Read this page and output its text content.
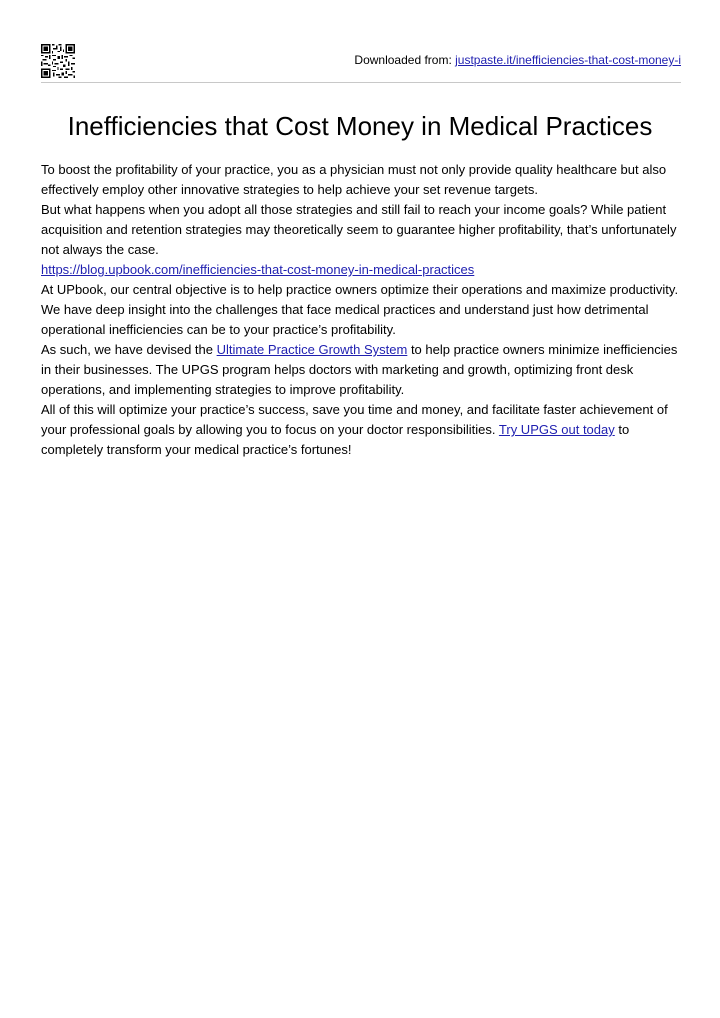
Downloaded from: justpaste.it/inefficiencies-that-cost-money-i
Inefficiencies that Cost Money in Medical Practices

To boost the profitability of your practice, you as a physician must not only provide quality healthcare but also effectively employ other innovative strategies to help achieve your set revenue targets.

But what happens when you adopt all those strategies and still fail to reach your income goals? While patient acquisition and retention strategies may theoretically seem to guarantee higher profitability, that’s unfortunately not always the case.

https://blog.upbook.com/inefficiencies-that-cost-money-in-medical-practices

At UPbook, our central objective is to help practice owners optimize their operations and maximize productivity. We have deep insight into the challenges that face medical practices and understand just how detrimental operational inefficiencies can be to your practice’s profitability.

As such, we have devised the Ultimate Practice Growth System to help practice owners minimize inefficiencies in their businesses. The UPGS program helps doctors with marketing and growth, optimizing front desk operations, and implementing strategies to improve profitability.

All of this will optimize your practice’s success, save you time and money, and facilitate faster achievement of your professional goals by allowing you to focus on your doctor responsibilities. Try UPGS out today to completely transform your medical practice’s fortunes!
